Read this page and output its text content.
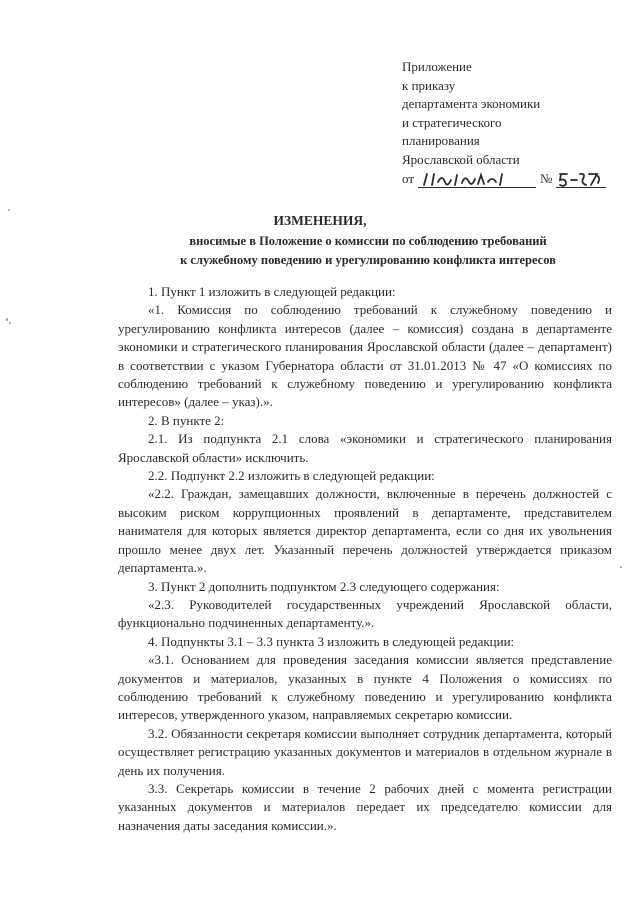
Приложение
к приказу
департамента экономики
и стратегического
планирования
Ярославской области
от	№
ИЗМЕНЕНИЯ,
вносимые в Положение о комиссии по соблюдению требований
к служебному поведению и урегулированию конфликта интересов

1. Пункт 1 изложить в следующей редакции:

«1. Комиссия по соблюдению требований к служебному поведению и урегулированию конфликта интересов (далее – комиссия) создана в департаменте экономики и стратегического планирования Ярославской области (далее – департамент) в соответствии с указом Губернатора области от 31.01.2013 № 47 «О комиссиях по соблюдению требований к служебному поведению и урегулированию конфликта интересов» (далее – указ).».

2. В пункте 2:

2.1. Из подпункта 2.1 слова «экономики и стратегического планирования Ярославской области» исключить.

2.2. Подпункт 2.2 изложить в следующей редакции:

«2.2. Граждан, замещавших должности, включенные в перечень должностей с высоким риском коррупционных проявлений в департаменте, представителем нанимателя для которых является директор департамента, если со дня их увольнения прошло менее двух лет. Указанный перечень должностей утверждается приказом департамента.».

3. Пункт 2 дополнить подпунктом 2.3 следующего содержания:

«2.3. Руководителей государственных учреждений Ярославской области, функционально подчиненных департаменту.».

4. Подпункты 3.1 – 3.3 пункта 3 изложить в следующей редакции:

«3.1. Основанием для проведения заседания комиссии является представление документов и материалов, указанных в пункте 4 Положения о комиссиях по соблюдению требований к служебному поведению и урегулированию конфликта интересов, утвержденного указом, направляемых секретарю комиссии.

3.2. Обязанности секретаря комиссии выполняет сотрудник департамента, который осуществляет регистрацию указанных документов и материалов в отдельном журнале в день их получения.

3.3. Секретарь комиссии в течение 2 рабочих дней с момента регистрации указанных документов и материалов передает их председателю комиссии для назначения даты заседания комиссии.».
